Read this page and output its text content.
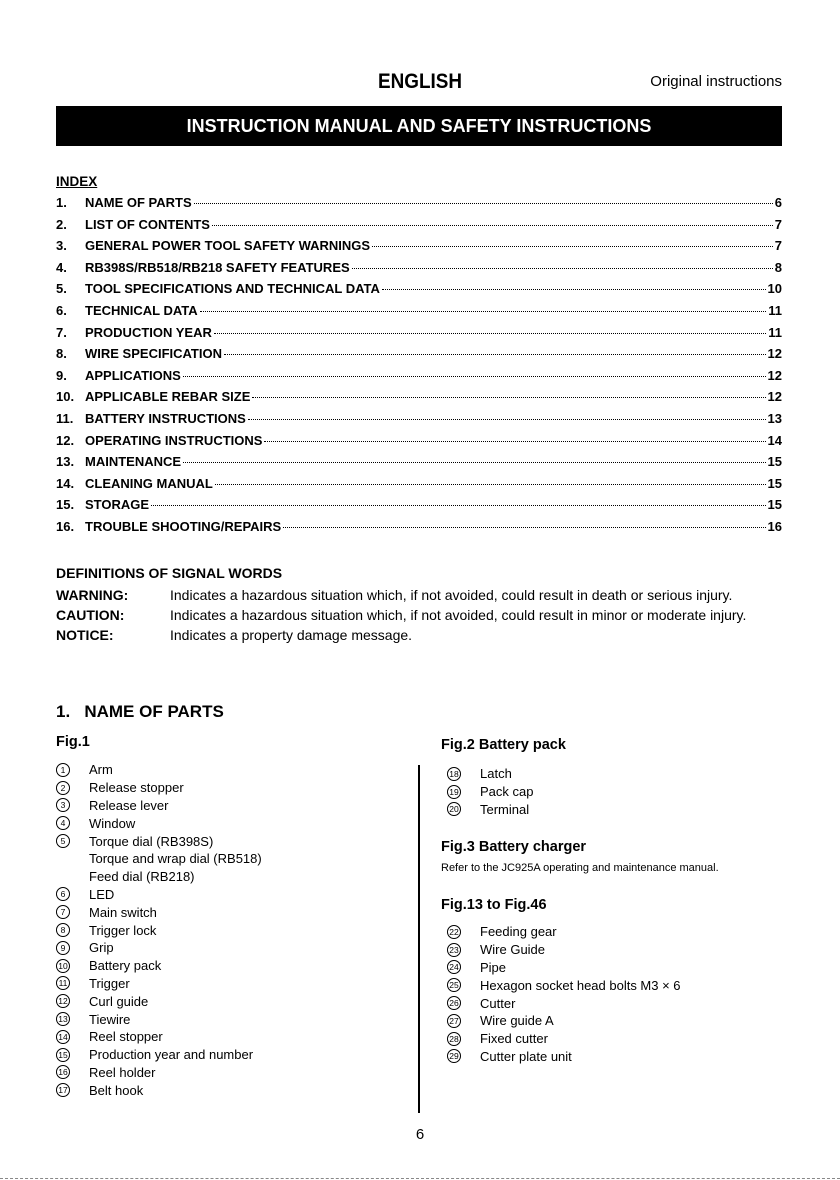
ENGLISH	Original instructions
INSTRUCTION MANUAL AND SAFETY INSTRUCTIONS
INDEX
1.	NAME OF PARTS	6
2.	LIST OF CONTENTS	7
3.	GENERAL POWER TOOL SAFETY WARNINGS	7
4.	RB398S/RB518/RB218 SAFETY FEATURES	8
5.	TOOL SPECIFICATIONS AND TECHNICAL DATA	10
6.	TECHNICAL DATA	11
7.	PRODUCTION YEAR	11
8.	WIRE SPECIFICATION	12
9.	APPLICATIONS	12
10. APPLICABLE REBAR SIZE	12
11. BATTERY INSTRUCTIONS	13
12. OPERATING INSTRUCTIONS	14
13. MAINTENANCE	15
14. CLEANING MANUAL	15
15. STORAGE	15
16. TROUBLE SHOOTING/REPAIRS	16
DEFINITIONS OF SIGNAL WORDS
WARNING:	Indicates a hazardous situation which, if not avoided, could result in death or serious injury.
CAUTION:	Indicates a hazardous situation which, if not avoided, could result in minor or moderate injury.
NOTICE:	Indicates a property damage message.
1.   NAME OF PARTS
Fig.1
1	Arm
2	Release stopper
3	Release lever
4	Window
5	Torque dial (RB398S)
Torque and wrap dial (RB518)
Feed dial (RB218)
6	LED
7	Main switch
8	Trigger lock
9	Grip
10 Battery pack
11 Trigger
12 Curl guide
13 Tiewire
14 Reel stopper
15 Production year and number
16 Reel holder
17 Belt hook
Fig.2 Battery pack
18 Latch
19 Pack cap
20 Terminal
Fig.3 Battery charger
Refer to the JC925A operating and maintenance manual.
Fig.13 to Fig.46
22 Feeding gear
23 Wire Guide
24 Pipe
25 Hexagon socket head bolts M3 × 6
26 Cutter
27 Wire guide A
28 Fixed cutter
29 Cutter plate unit
6
